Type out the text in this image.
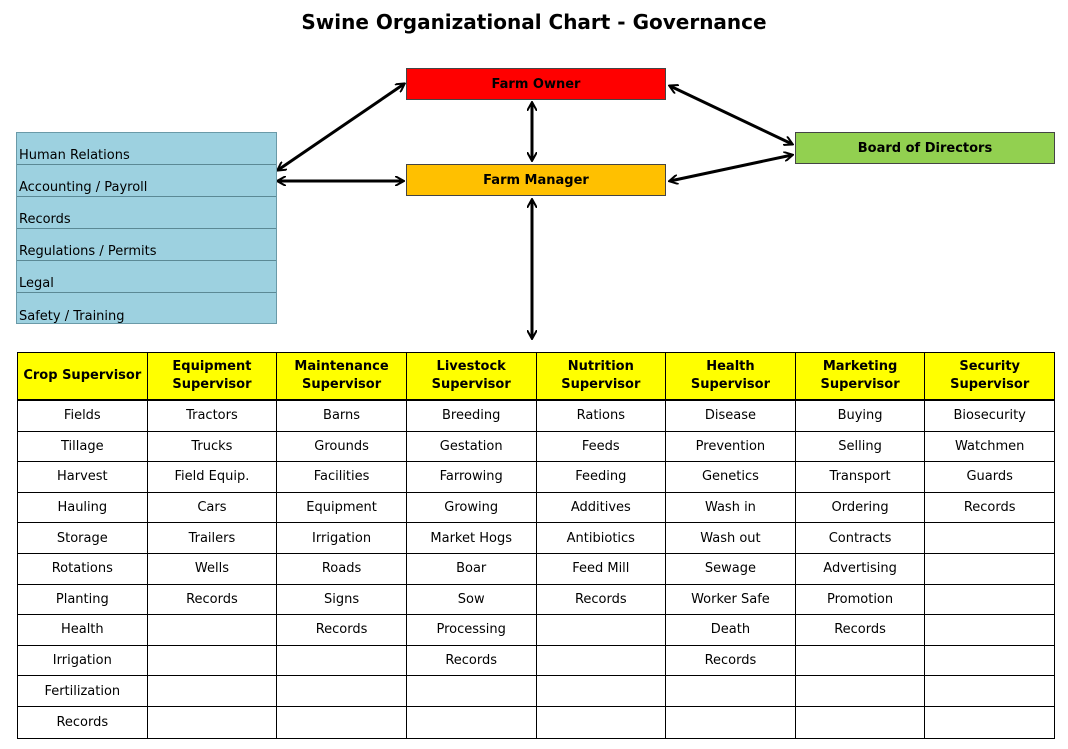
Swine Organizational Chart - Governance
Farm Owner
Farm Manager
Board of Directors
Human Relations
Accounting / Payroll
Records
Regulations / Permits
Legal
Safety / Training
Crop Supervisor
Fields
Tillage
Harvest
Hauling
Storage
Rotations
Planting
Health
Irrigation
Fertilization
Records
Equipment
Supervisor
Tractors
Trucks
Field Equip.
Cars
Trailers
Wells
Records
Maintenance
Supervisor
Barns
Grounds
Facilities
Equipment
Irrigation
Roads
Signs
Records
Livestock
Supervisor
Breeding
Gestation
Farrowing
Growing
Market Hogs
Boar
Sow
Processing
Records
Nutrition
Supervisor
Rations
Feeds
Feeding
Additives
Antibiotics
Feed Mill
Records
Health Supervisor
Disease
Prevention
Genetics
Wash in
Wash out
Sewage
Worker Safe
Death
Records
Marketing
Supervisor
Buying
Selling
Transport
Ordering
Contracts
Advertising
Promotion
Records
Security Supervisor
Biosecurity
Watchmen
Guards
Records
